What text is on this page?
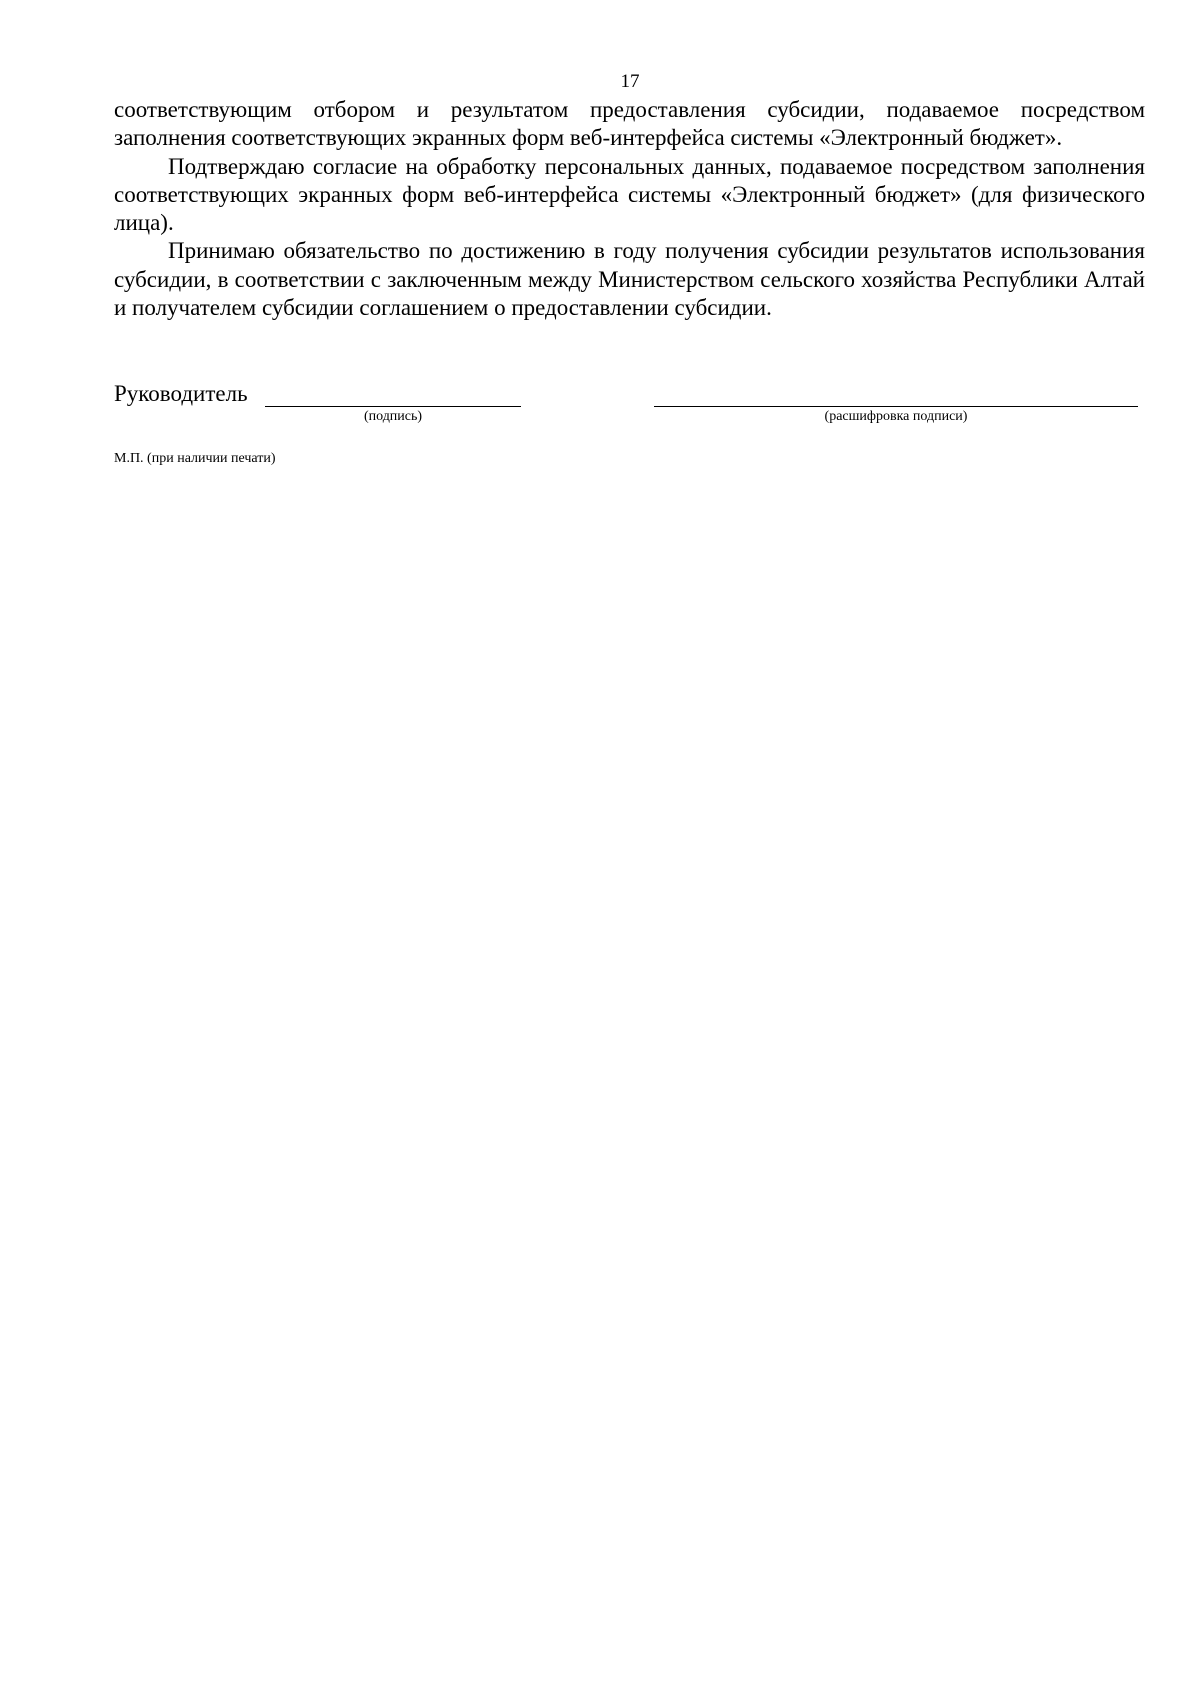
17

соответствующим отбором и результатом предоставления субсидии, подаваемое посредством заполнения соответствующих экранных форм веб-интерфейса системы «Электронный бюджет».

Подтверждаю согласие на обработку персональных данных, подаваемое посредством заполнения соответствующих экранных форм веб-интерфейса системы «Электронный бюджет» (для физического лица).

Принимаю обязательство по достижению в году получения субсидии результатов использования субсидии, в соответствии с заключенным между Министерством сельского хозяйства Республики Алтай и получателем субсидии соглашением о предоставлении субсидии.

Руководитель
(подпись)	(расшифровка подписи)
М.П. (при наличии печати)
